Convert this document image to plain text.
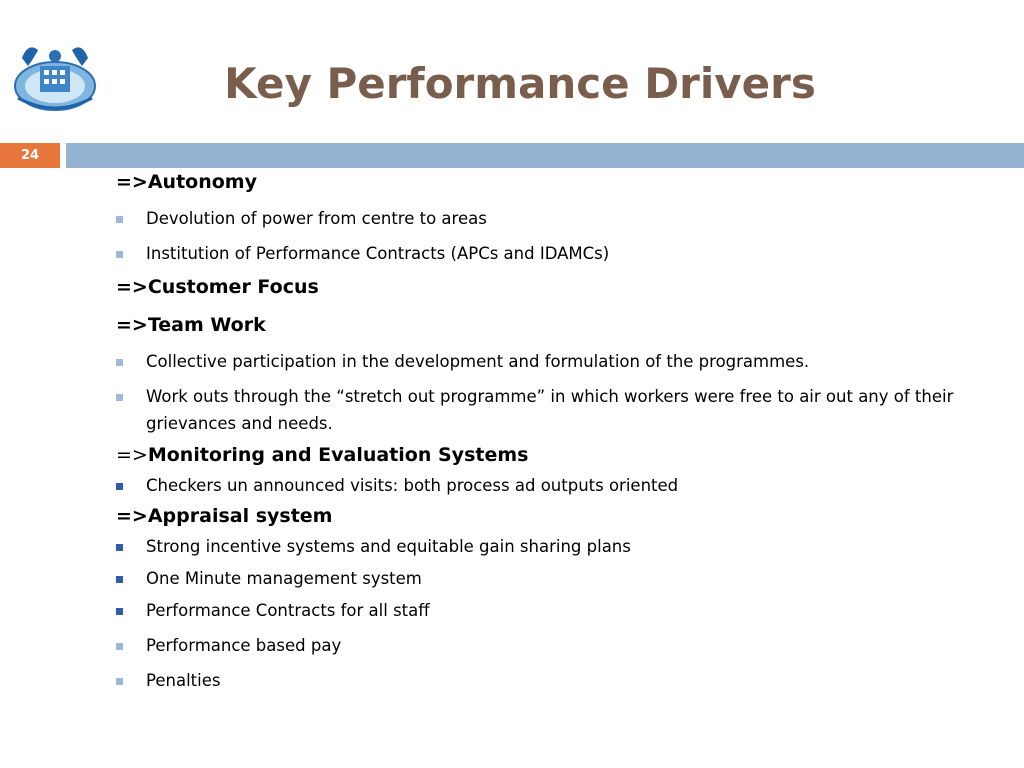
Key Performance Drivers
24
=>Autonomy
Devolution of power from centre to areas
Institution of Performance Contracts (APCs and IDAMCs)
=>Customer Focus
=>Team Work
Collective participation in the development and formulation of the programmes.
Work outs through the “stretch out programme” in which workers were free to air out any of their grievances and needs.
=>Monitoring and Evaluation Systems
Checkers un announced visits: both process ad outputs oriented
=>Appraisal system
Strong incentive systems and equitable gain sharing plans
One Minute management system
Performance Contracts for all staff
Performance based pay
Penalties
